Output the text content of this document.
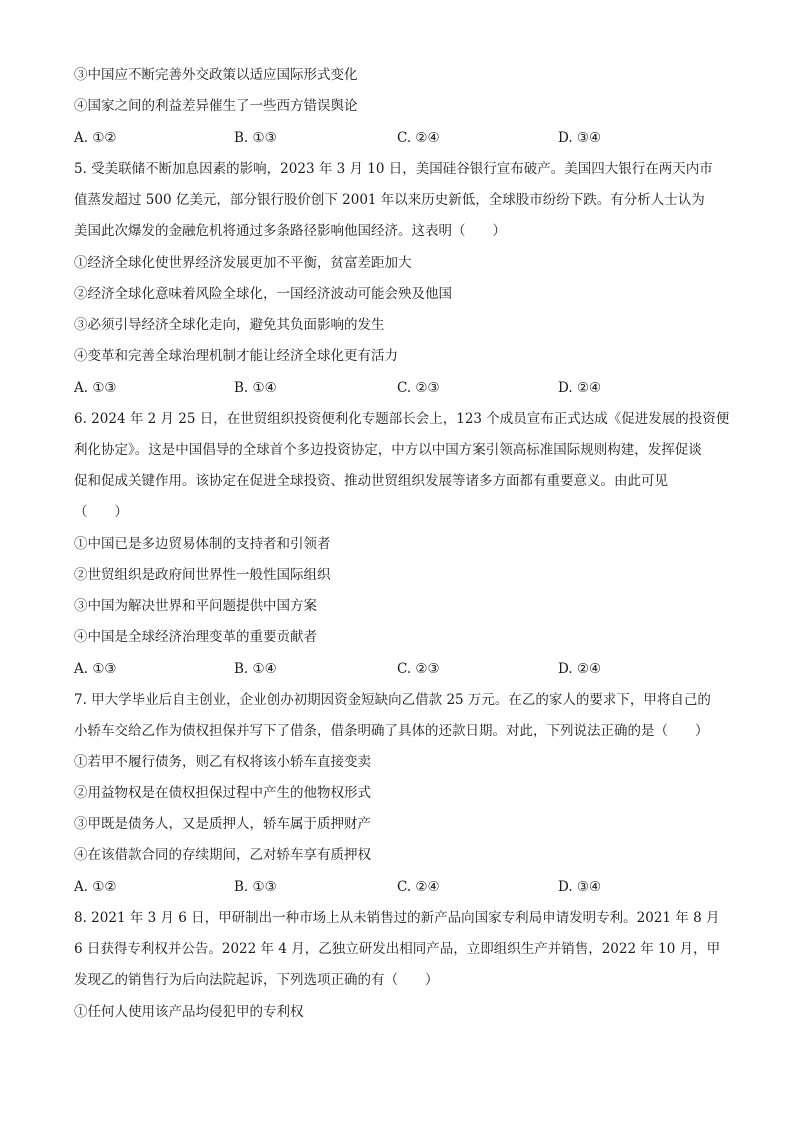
③中国应不断完善外交政策以适应国际形式变化
④国家之间的利益差异催生了一些西方错误舆论
A. ①②	B. ①③	C. ②④	D. ③④
5. 受美联储不断加息因素的影响，2023 年 3 月 10 日，美国硅谷银行宣布破产。美国四大银行在两天内市
值蒸发超过 500 亿美元，部分银行股价创下 2001 年以来历史新低，全球股市纷纷下跌。有分析人士认为
美国此次爆发的金融危机将通过多条路径影响他国经济。这表明（　　）
①经济全球化使世界经济发展更加不平衡，贫富差距加大
②经济全球化意味着风险全球化，一国经济波动可能会殃及他国
③必须引导经济全球化走向，避免其负面影响的发生
④变革和完善全球治理机制才能让经济全球化更有活力
A. ①③	B. ①④	C. ②③	D. ②④
6. 2024 年 2 月 25 日，在世贸组织投资便利化专题部长会上，123 个成员宣布正式达成《促进发展的投资便
利化协定》。这是中国倡导的全球首个多边投资协定，中方以中国方案引领高标准国际规则构建，发挥促谈
促和促成关键作用。该协定在促进全球投资、推动世贸组织发展等诸多方面都有重要意义。由此可见
（　　）
①中国已是多边贸易体制的支持者和引领者
②世贸组织是政府间世界性一般性国际组织
③中国为解决世界和平问题提供中国方案
④中国是全球经济治理变革的重要贡献者
A. ①③	B. ①④	C. ②③	D. ②④
7. 甲大学毕业后自主创业，企业创办初期因资金短缺向乙借款 25 万元。在乙的家人的要求下，甲将自己的
小轿车交给乙作为债权担保并写下了借条，借条明确了具体的还款日期。对此，下列说法正确的是（　　）
①若甲不履行债务，则乙有权将该小轿车直接变卖
②用益物权是在债权担保过程中产生的他物权形式
③甲既是债务人，又是质押人，轿车属于质押财产
④在该借款合同的存续期间，乙对轿车享有质押权
A. ①②	B. ①③	C. ②④	D. ③④
8. 2021 年 3 月 6 日，甲研制出一种市场上从未销售过的新产品向国家专利局申请发明专利。2021 年 8 月
6 日获得专利权并公告。2022 年 4 月，乙独立研发出相同产品，立即组织生产并销售，2022 年 10 月，甲
发现乙的销售行为后向法院起诉，下列选项正确的有（　　）
①任何人使用该产品均侵犯甲的专利权
